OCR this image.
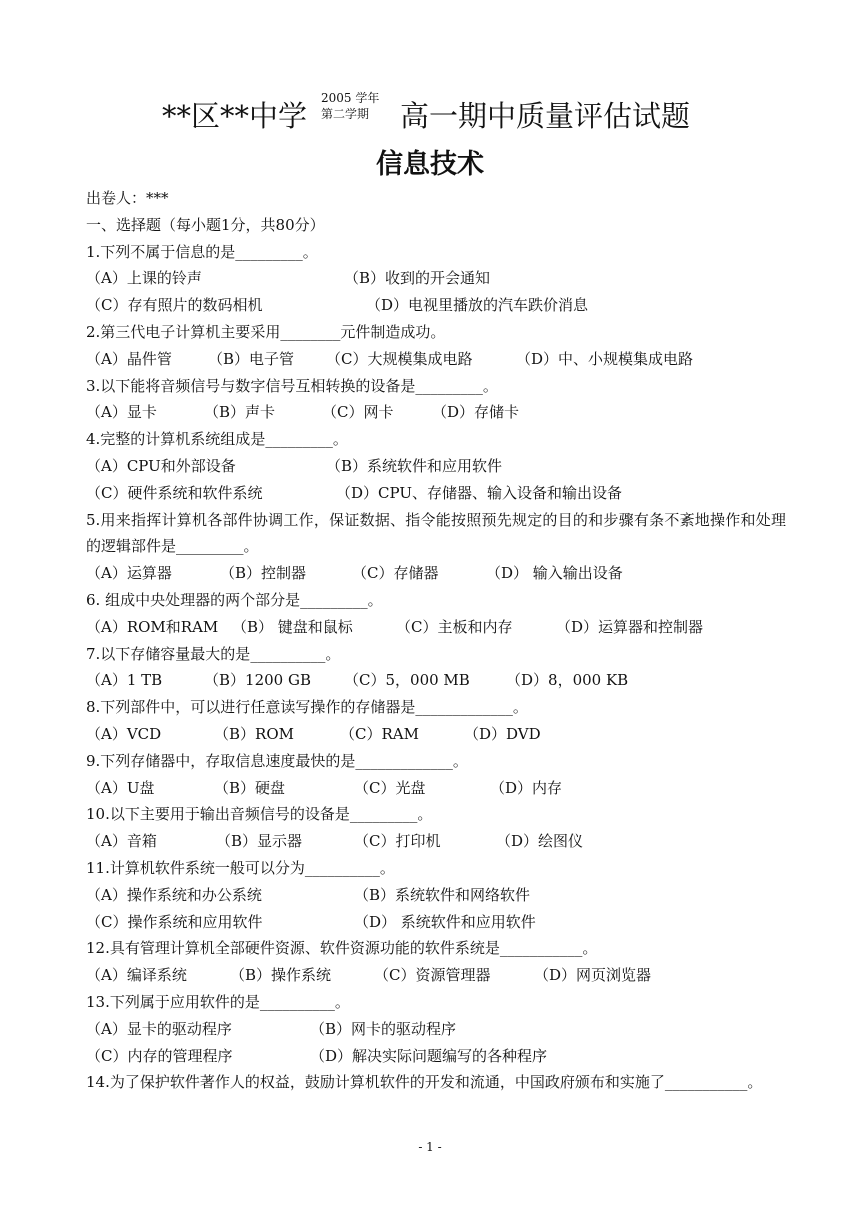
**区**中学
2005 学年
第二学期	高一期中质量评估试题
信息技术
出卷人：***
一、选择题（每小题1分，共80分）
1.下列不属于信息的是_________。
（A）上课的铃声	（B）收到的开会通知
（C）存有照片的数码相机	（D）电视里播放的汽车跌价消息
2.第三代电子计算机主要采用________元件制造成功。
（A）晶件管 （B）电子管 （C）大规模集成电路	（D）中、小规模集成电路
3.以下能将音频信号与数字信号互相转换的设备是_________。
（A）显卡	（B）声卡	（C）网卡	（D）存储卡
4.完整的计算机系统组成是_________。
（A）CPU和外部设备	（B）系统软件和应用软件
（C）硬件系统和软件系统	（D）CPU、存储器、输入设备和输出设备
5.用来指挥计算机各部件协调工作，保证数据、指令能按照预先规定的目的和步骤有条不紊地操作和处理的逻辑部件是_________。
（A）运算器	（B）控制器	（C）存储器	（D） 输入输出设备
6. 组成中央处理器的两个部分是_________。
（A）ROM和RAM （B） 键盘和鼠标	（C）主板和内存	（D）运算器和控制器
7.以下存储容量最大的是__________。
（A）1 TB	（B）1200 GB （C）5，000 MB （D）8，000 KB
8.下列部件中，可以进行任意读写操作的存储器是_____________。
（A）VCD	（B）ROM	（C）RAM	（D）DVD
9.下列存储器中，存取信息速度最快的是_____________。
（A）U盘	（B）硬盘	（C）光盘	（D）内存
10.以下主要用于输出音频信号的设备是_________。
（A）音箱	（B）显示器	（C）打印机	（D）绘图仪
11.计算机软件系统一般可以分为__________。
（A）操作系统和办公系统	（B）系统软件和网络软件
（C）操作系统和应用软件	（D） 系统软件和应用软件
12.具有管理计算机全部硬件资源、软件资源功能的软件系统是___________。
（A）编译系统	（B）操作系统	（C）资源管理器	（D）网页浏览器
13.下列属于应用软件的是__________。
（A）显卡的驱动程序	（B）网卡的驱动程序
（C）内存的管理程序	（D）解决实际问题编写的各种程序
14.为了保护软件著作人的权益，鼓励计算机软件的开发和流通，中国政府颁布和实施了___________。
- 1 -
